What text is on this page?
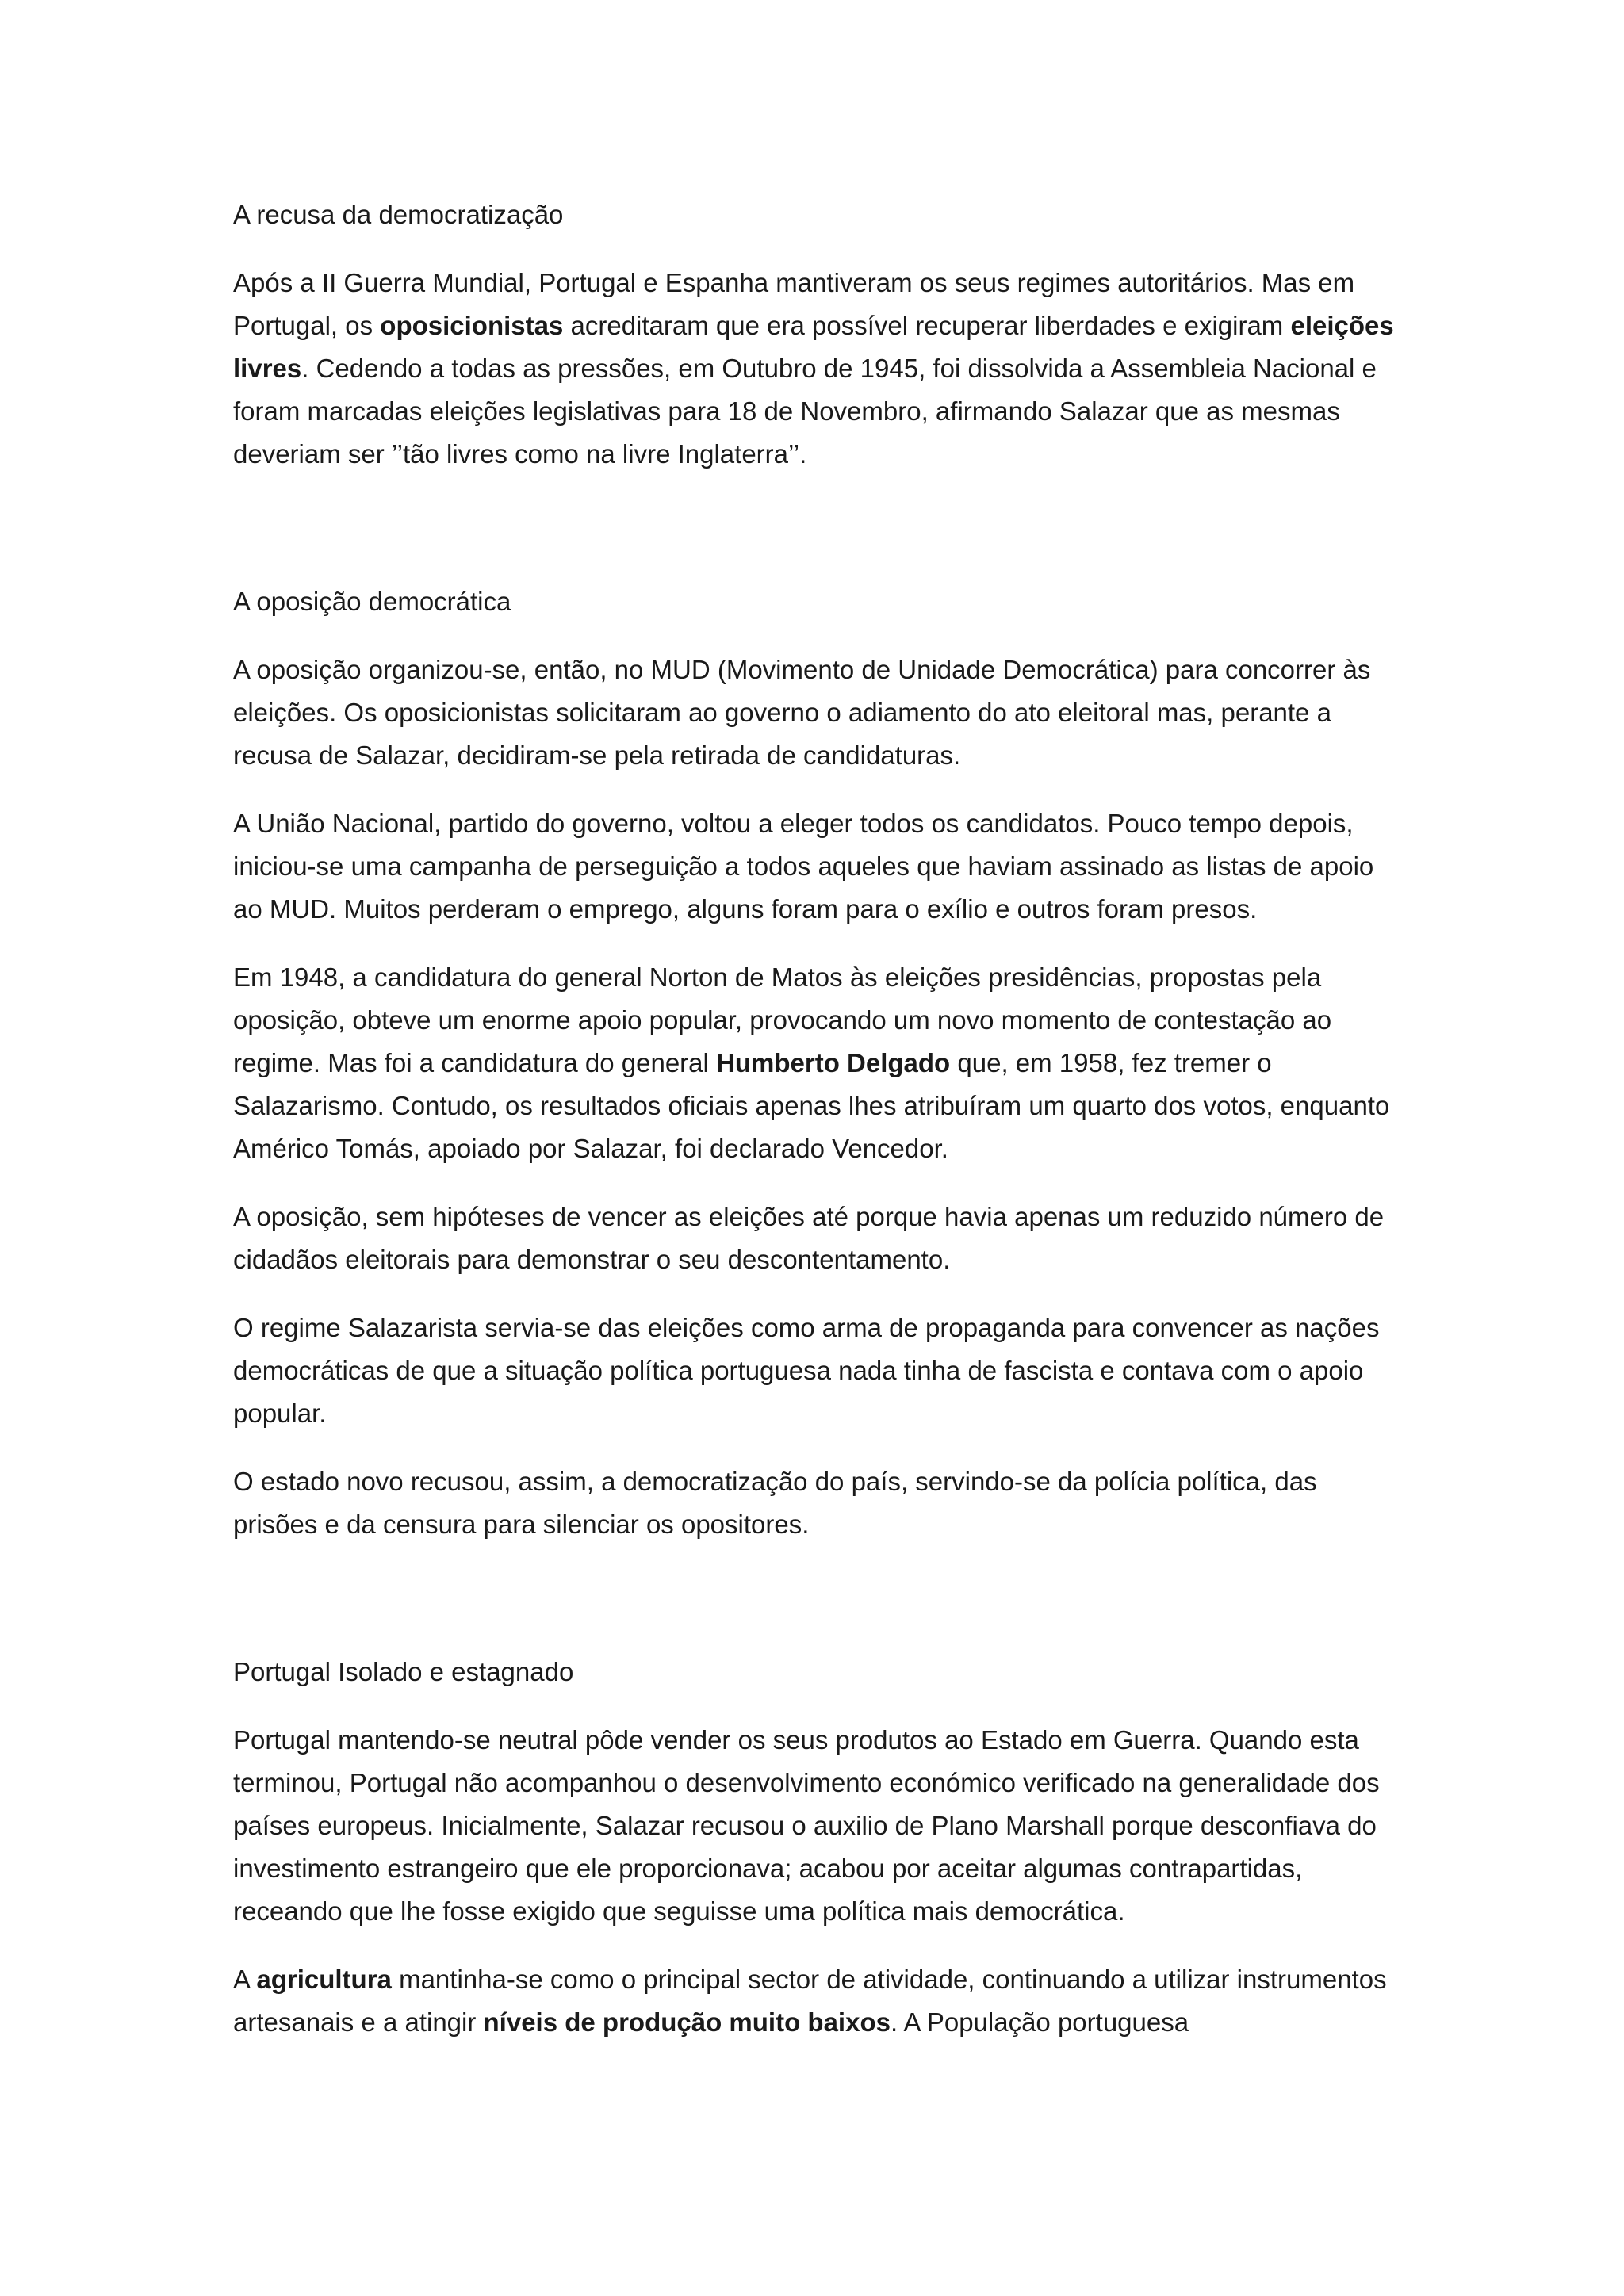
A recusa da democratização

Após a II Guerra Mundial, Portugal e Espanha mantiveram os seus regimes autoritários. Mas em Portugal, os oposicionistas acreditaram que era possível recuperar liberdades e exigiram eleições livres. Cedendo a todas as pressões, em Outubro de 1945, foi dissolvida a Assembleia Nacional e foram marcadas eleições legislativas para 18 de Novembro, afirmando Salazar que as mesmas deveriam ser ’’tão livres como na livre Inglaterra’’.

A oposição democrática

A oposição organizou-se, então, no MUD (Movimento de Unidade Democrática) para concorrer às eleições. Os oposicionistas solicitaram ao governo o adiamento do ato eleitoral mas, perante a recusa de Salazar, decidiram-se pela retirada de candidaturas.

A União Nacional, partido do governo, voltou a eleger todos os candidatos. Pouco tempo depois, iniciou-se uma campanha de perseguição a todos aqueles que haviam assinado as listas de apoio ao MUD. Muitos perderam o emprego, alguns foram para o exílio e outros foram presos.

Em 1948, a candidatura do general Norton de Matos às eleições presidências, propostas pela oposição, obteve um enorme apoio popular, provocando um novo momento de contestação ao regime. Mas foi a candidatura do general Humberto Delgado que, em 1958, fez tremer o Salazarismo. Contudo, os resultados oficiais apenas lhes atribuíram um quarto dos votos, enquanto Américo Tomás, apoiado por Salazar, foi declarado Vencedor.

A oposição, sem hipóteses de vencer as eleições até porque havia apenas um reduzido número de cidadãos eleitorais para demonstrar o seu descontentamento.

O regime Salazarista servia-se das eleições como arma de propaganda para convencer as nações democráticas de que a situação política portuguesa nada tinha de fascista e contava com o apoio popular.

O estado novo recusou, assim, a democratização do país, servindo-se da polícia política, das prisões e da censura para silenciar os opositores.

Portugal Isolado e estagnado

Portugal mantendo-se neutral pôde vender os seus produtos ao Estado em Guerra. Quando esta terminou, Portugal não acompanhou o desenvolvimento económico verificado na generalidade dos países europeus. Inicialmente, Salazar recusou o auxilio de Plano Marshall porque desconfiava do investimento estrangeiro que ele proporcionava; acabou por aceitar algumas contrapartidas, receando que lhe fosse exigido que seguisse uma política mais democrática.

A agricultura mantinha-se como o principal sector de atividade, continuando a utilizar instrumentos artesanais e a atingir níveis de produção muito baixos. A População portuguesa
